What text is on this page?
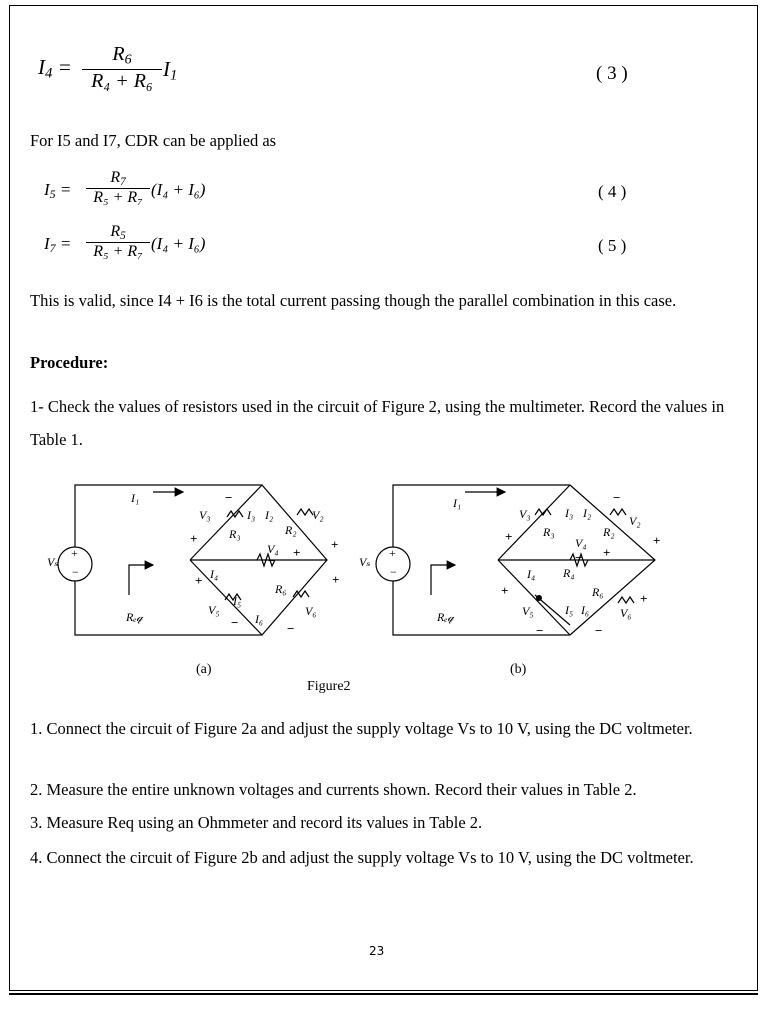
$I_4$ =
$R_6$
R₄ + R₆ $I_1$	( 3 )
For I5 and I7, CDR can be applied as
$I_5$ =
$R_7$
R₅ + R₇ (I₄ + I₆)	( 4 )
$I_7$ =
$R_5$
R₅ + R₇ (I₄ + I₆)	( 5 )
This is valid, since I4 + I6 is the total current passing though the parallel combination in this case.
Procedure:
1- Check the values of resistors used in the circuit of Figure 2, using the multimeter. Record the values in Table 1.
I₁
Vₛ
+
−
Rₑ𝓆
V₃	I₃ I₂	V₂
R₃	R₂
V₄
I₄
R₆
I₅
V₅
I₆
V₆
I₁
Vₛ
+
−
Rₑ𝓆
V₃	I₃ I₂
V₂
R₃
V₄
R₂
I₄ R₄
R₆
V₅	I₅ I₆	V₆
−
+	+
−
+
+
−
+
−
−
+	+
− +
+
−
+
−
(a)	(b)
Figure2
1. Connect the circuit of Figure 2a and adjust the supply voltage Vs to 10 V, using the DC voltmeter.
2. Measure the entire unknown voltages and currents shown. Record their values in Table 2.
3. Measure Req using an Ohmmeter and record its values in Table 2.
4. Connect the circuit of Figure 2b and adjust the supply voltage Vs to 10 V, using the DC voltmeter.
23
